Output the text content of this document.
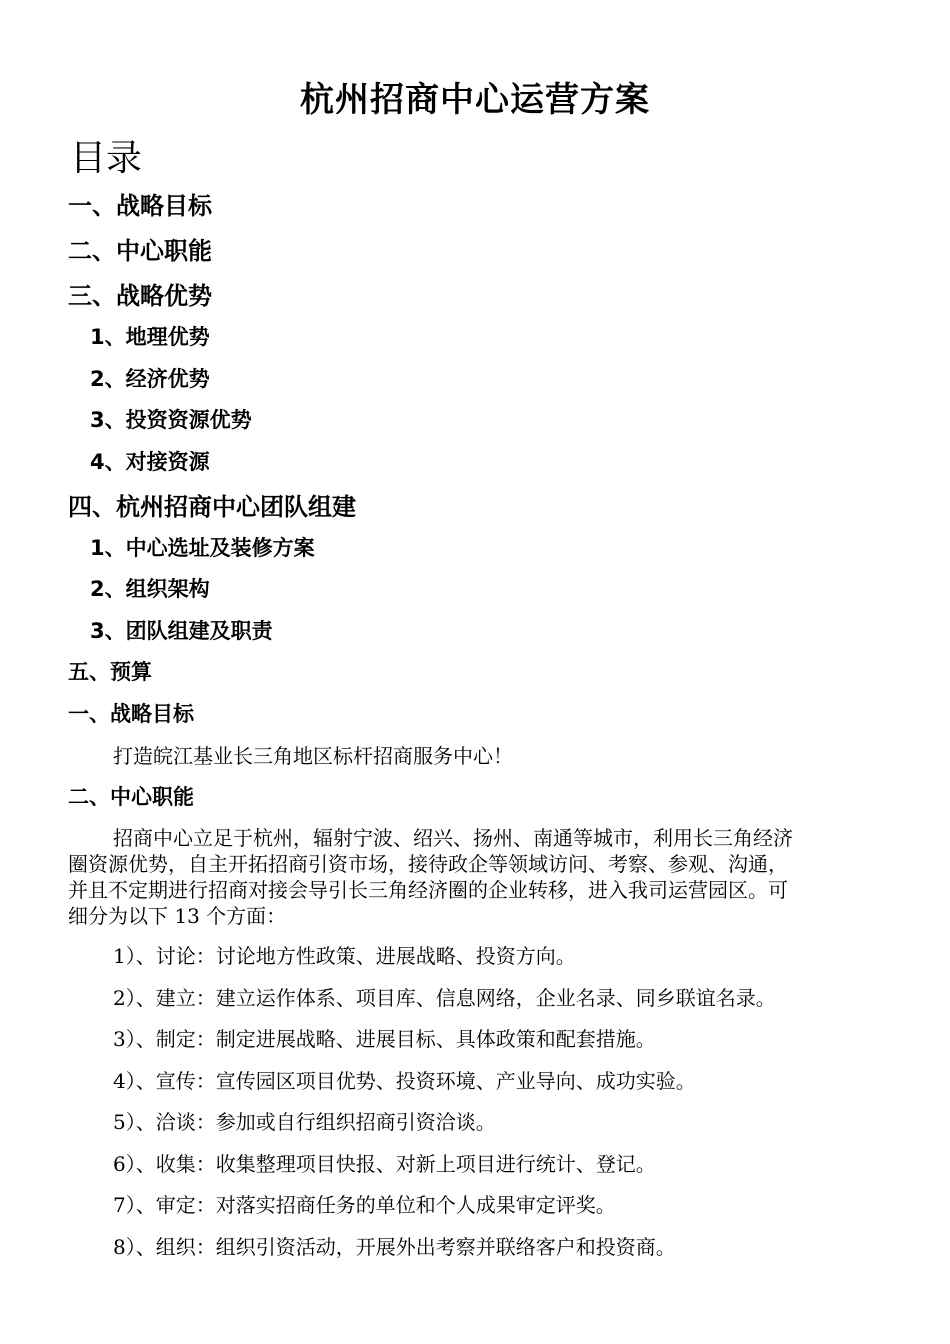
杭州招商中心运营方案
目录
一、战略目标
二、中心职能
三、战略优势
1、地理优势
2、经济优势
3、投资资源优势
4、对接资源
四、杭州招商中心团队组建
1、中心选址及装修方案
2、组织架构
3、团队组建及职责
五、预算
一、战略目标
打造皖江基业长三角地区标杆招商服务中心！
二、中心职能
招商中心立足于杭州，辐射宁波、绍兴、扬州、南通等城市，利用长三角经济
圈资源优势，自主开拓招商引资市场，接待政企等领域访问、考察、参观、沟通，
并且不定期进行招商对接会导引长三角经济圈的企业转移，进入我司运营园区。可
细分为以下 13 个方面：
1）、讨论：讨论地方性政策、进展战略、投资方向。
2）、建立：建立运作体系、项目库、信息网络，企业名录、同乡联谊名录。
3）、制定：制定进展战略、进展目标、具体政策和配套措施。
4）、宣传：宣传园区项目优势、投资环境、产业导向、成功实验。
5）、洽谈：参加或自行组织招商引资洽谈。
6）、收集：收集整理项目快报、对新上项目进行统计、登记。
7）、审定：对落实招商任务的单位和个人成果审定评奖。
8）、组织：组织引资活动，开展外出考察并联络客户和投资商。
